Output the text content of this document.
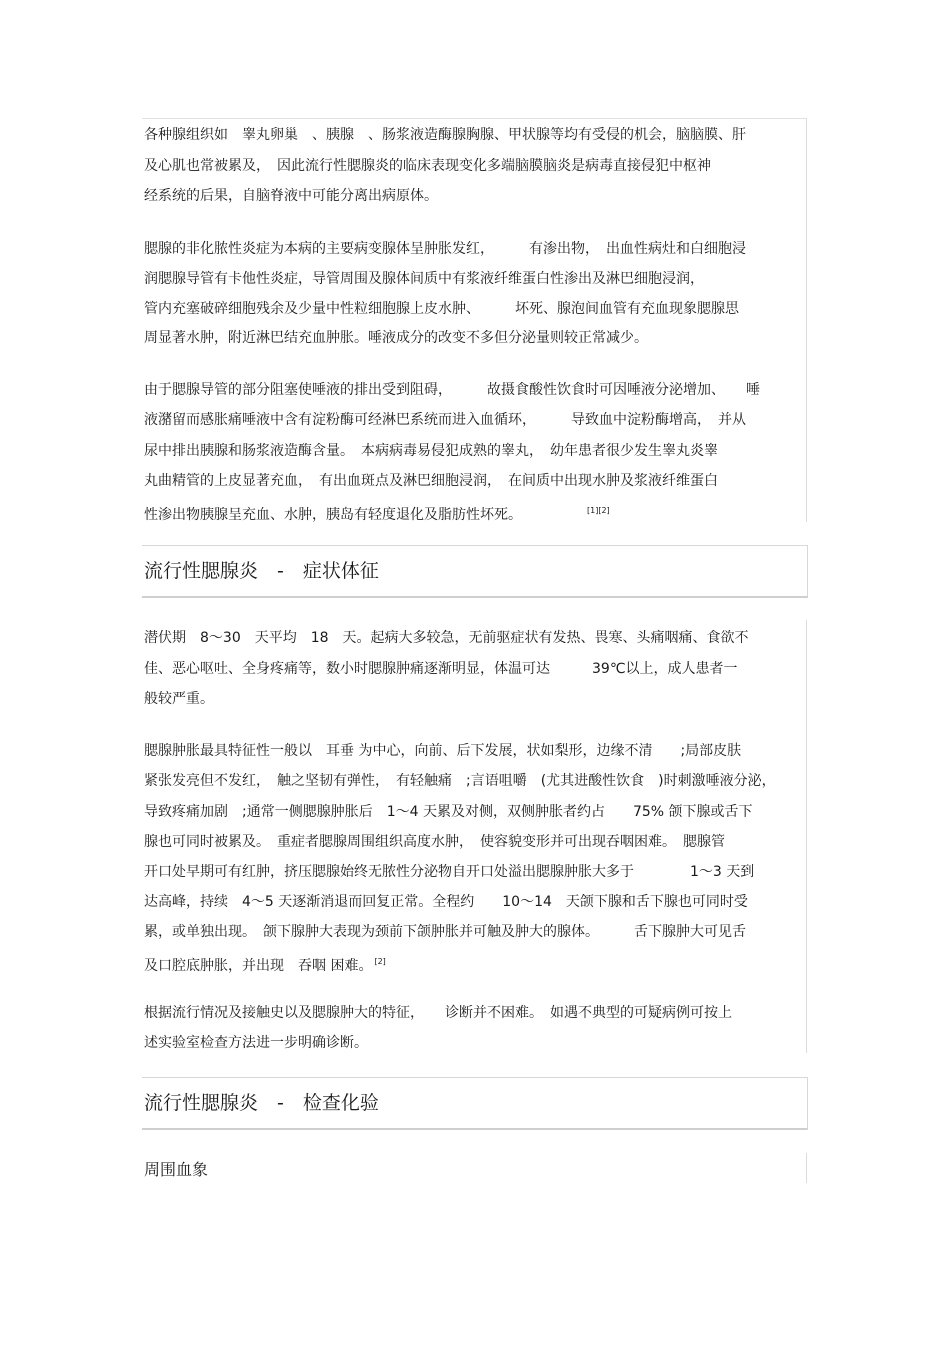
各种腺组织如　睾丸卵巢　、胰腺　、肠浆液造酶腺胸腺、甲状腺等均有受侵的机会，脑脑膜、肝
及心肌也常被累及，　因此流行性腮腺炎的临床表现变化多端脑膜脑炎是病毒直接侵犯中枢神
经系统的后果，自脑脊液中可能分离出病原体。
腮腺的非化脓性炎症为本病的主要病变腺体呈肿胀发红，　　　有渗出物，　出血性病灶和白细胞浸
润腮腺导管有卡他性炎症，导管周围及腺体间质中有浆液纤维蛋白性渗出及淋巴细胞浸润，
管内充塞破碎细胞残余及少量中性粒细胞腺上皮水肿、　　　坏死、腺泡间血管有充血现象腮腺思
周显著水肿，附近淋巴结充血肿胀。唾液成分的改变不多但分泌量则较正常减少。
由于腮腺导管的部分阻塞使唾液的排出受到阻碍，　　　故摄食酸性饮食时可因唾液分泌增加、　　唾
液潴留而感胀痛唾液中含有淀粉酶可经淋巴系统而进入血循环，　　　导致血中淀粉酶增高，　并从
尿中排出胰腺和肠浆液造酶含量。　本病病毒易侵犯成熟的睾丸，　幼年患者很少发生睾丸炎睾
丸曲精管的上皮显著充血，　有出血斑点及淋巴细胞浸润，　在间质中出现水肿及浆液纤维蛋白
性渗出物胰腺呈充血、水肿，胰岛有轻度退化及脂肪性坏死。　　　　　	[1][2]
流行性腮腺炎　-　症状体征
潜伏期　8～30　天平均　18　天。起病大多较急，无前驱症状有发热、畏寒、头痛咽痛、食欲不
佳、恶心呕吐、全身疼痛等，数小时腮腺肿痛逐渐明显，体温可达　　　39℃以上，成人患者一
般较严重。
腮腺肿胀最具特征性一般以　耳垂 为中心，向前、后下发展，状如梨形，边缘不清　　;局部皮肤
紧张发亮但不发红，　触之坚韧有弹性，　有轻触痛　;言语咀嚼　(尤其进酸性饮食　)时刺激唾液分泌，
导致疼痛加剧　;通常一侧腮腺肿胀后　1～4 天累及对侧，双侧肿胀者约占　　75% 颌下腺或舌下
腺也可同时被累及。　重症者腮腺周围组织高度水肿，　使容貌变形并可出现吞咽困难。　腮腺管
开口处早期可有红肿，挤压腮腺始终无脓性分泌物自开口处溢出腮腺肿胀大多于　　　　1～3 天到
达高峰，持续　4～5 天逐渐消退而回复正常。全程约　　10～14　天颌下腺和舌下腺也可同时受
累，或单独出现。　颌下腺肿大表现为颈前下颌肿胀并可触及肿大的腺体。　　　舌下腺肿大可见舌
及口腔底肿胀，并出现　吞咽 困难。 [2]
根据流行情况及接触史以及腮腺肿大的特征，　　诊断并不困难。　如遇不典型的可疑病例可按上
述实验室检查方法进一步明确诊断。
流行性腮腺炎　-　检查化验
周围血象
